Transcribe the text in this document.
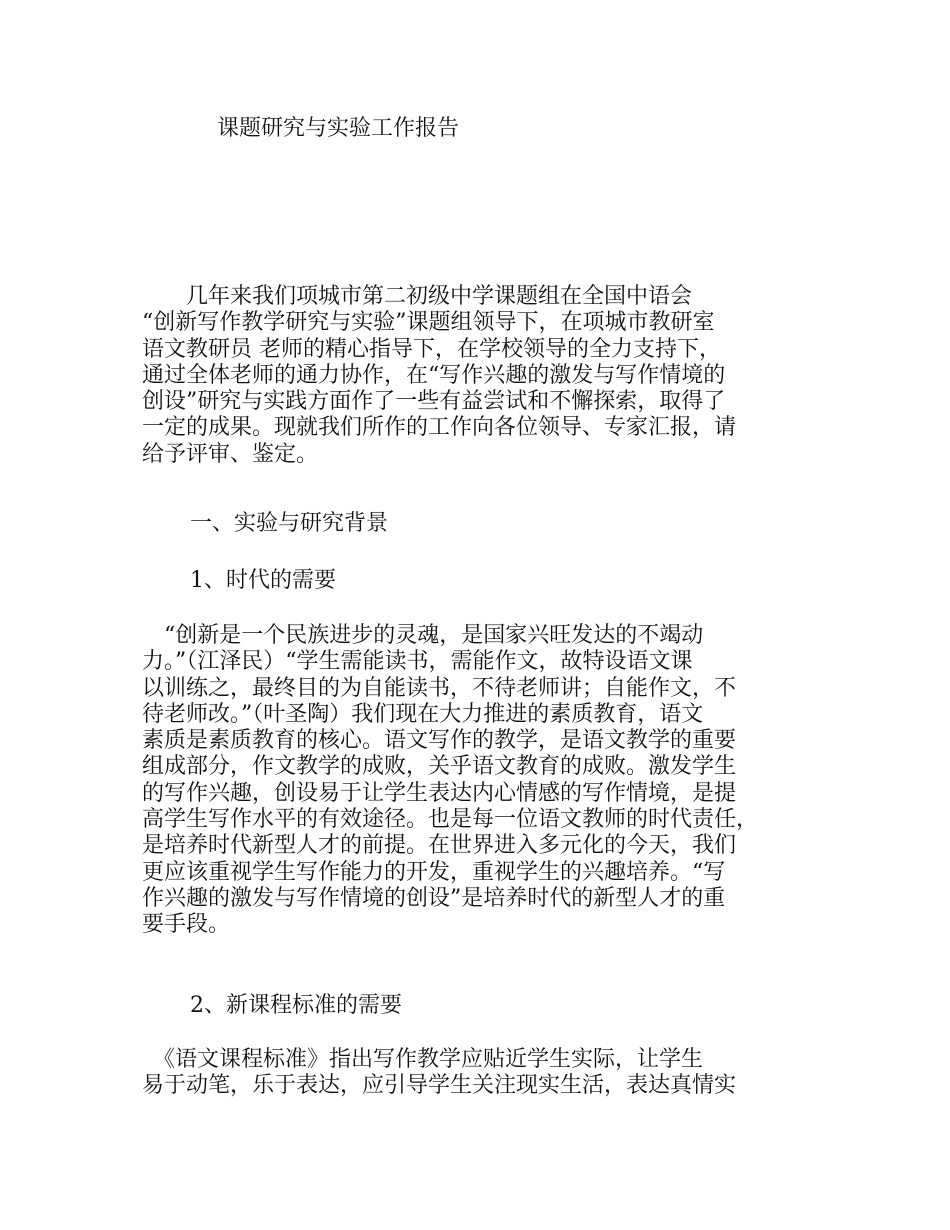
课题研究与实验工作报告
　　几年来我们项城市第二初级中学课题组在全国中语会
“创新写作教学研究与实验”课题组领导下，在项城市教研室
语文教研员 老师的精心指导下，在学校领导的全力支持下，
通过全体老师的通力协作，在“写作兴趣的激发与写作情境的
创设”研究与实践方面作了一些有益尝试和不懈探索，取得了
一定的成果。现就我们所作的工作向各位领导、专家汇报，请
给予评审、鉴定。
一、实验与研究背景
1、时代的需要
　“创新是一个民族进步的灵魂，是国家兴旺发达的不竭动
力。”（江泽民）“学生需能读书，需能作文，故特设语文课
以训练之，最终目的为自能读书，不待老师讲；自能作文，不
待老师改。”（叶圣陶）我们现在大力推进的素质教育，语文
素质是素质教育的核心。语文写作的教学，是语文教学的重要
组成部分，作文教学的成败，关乎语文教育的成败。激发学生
的写作兴趣，创设易于让学生表达内心情感的写作情境，是提
高学生写作水平的有效途径。也是每一位语文教师的时代责任，
是培养时代新型人才的前提。在世界进入多元化的今天，我们
更应该重视学生写作能力的开发，重视学生的兴趣培养。“写
作兴趣的激发与写作情境的创设”是培养时代的新型人才的重
要手段。
2、新课程标准的需要
　《语文课程标准》指出写作教学应贴近学生实际，让学生
易于动笔，乐于表达，应引导学生关注现实生活，表达真情实
